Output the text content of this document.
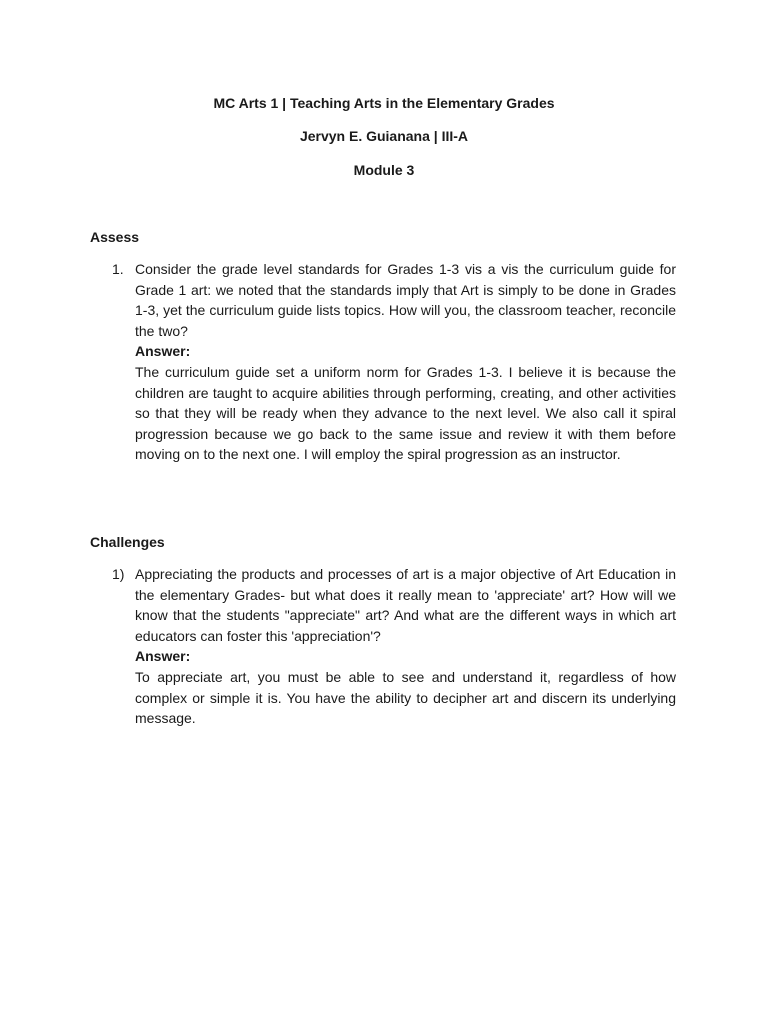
MC Arts 1 | Teaching Arts in the Elementary Grades
Jervyn E. Guianana | III-A
Module 3
Assess
1. Consider the grade level standards for Grades 1-3 vis a vis the curriculum guide for Grade 1 art: we noted that the standards imply that Art is simply to be done in Grades 1-3, yet the curriculum guide lists topics. How will you, the classroom teacher, reconcile the two?

Answer:

The curriculum guide set a uniform norm for Grades 1-3. I believe it is because the children are taught to acquire abilities through performing, creating, and other activities so that they will be ready when they advance to the next level. We also call it spiral progression because we go back to the same issue and review it with them before moving on to the next one. I will employ the spiral progression as an instructor.

Challenges
1) Appreciating the products and processes of art is a major objective of Art Education in the elementary Grades- but what does it really mean to 'appreciate' art? How will we know that the students "appreciate" art? And what are the different ways in which art educators can foster this 'appreciation'?

Answer:

To appreciate art, you must be able to see and understand it, regardless of how complex or simple it is. You have the ability to decipher art and discern its underlying message.
